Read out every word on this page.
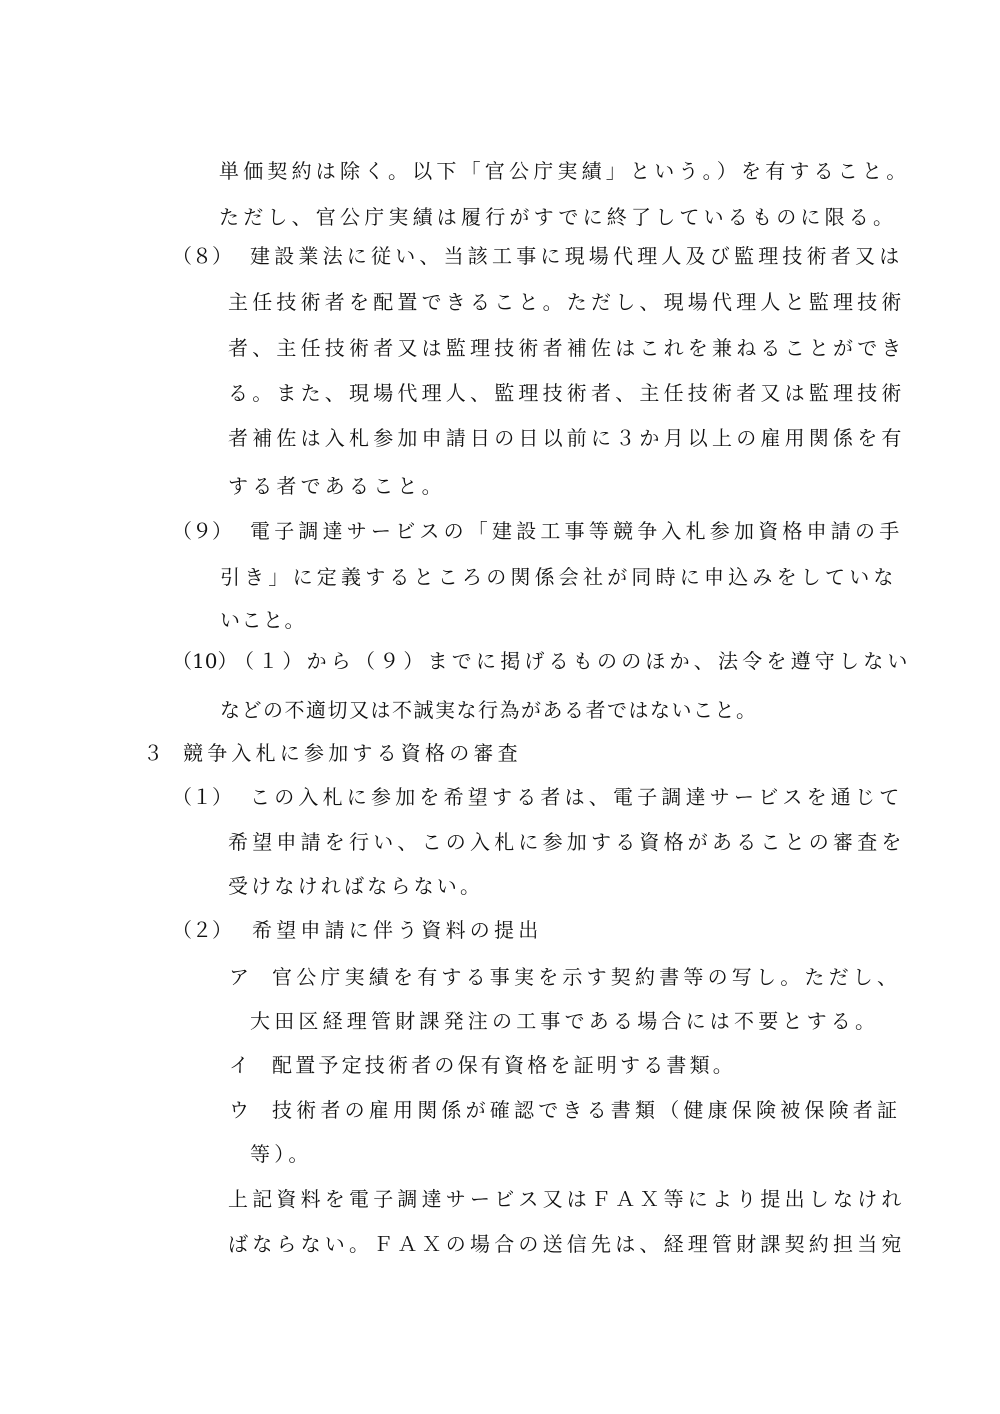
単価契約は除く。以下「官公庁実績」という。）を有すること。
ただし、官公庁実績は履行がすでに終了しているものに限る。
（８） 建設業法に従い、当該工事に現場代理人及び監理技術者又は
主任技術者を配置できること。ただし、現場代理人と監理技術
者、主任技術者又は監理技術者補佐はこれを兼ねることができ
る。また、現場代理人、監理技術者、主任技術者又は監理技術
者補佐は入札参加申請日の日以前に３か月以上の雇用関係を有
する者であること。
（９） 電子調達サービスの「建設工事等競争入札参加資格申請の手
引き」に定義するところの関係会社が同時に申込みをしていな
いこと。
（10）
（１）から（９）までに掲げるもののほか、法令を遵守しない
などの不適切又は不誠実な行為がある者ではないこと。
３ 競争入札に参加する資格の審査
（１） この入札に参加を希望する者は、電子調達サービスを通じて
希望申請を行い、この入札に参加する資格があることの審査を
受けなければならない。
（２） 希望申請に伴う資料の提出
ア 官公庁実績を有する事実を示す契約書等の写し。ただし、
大田区経理管財課発注の工事である場合には不要とする。
イ 配置予定技術者の保有資格を証明する書類。
ウ 技術者の雇用関係が確認できる書類（健康保険被保険者証
等）。
上記資料を電子調達サービス又はＦＡＸ等により提出しなけれ
ばならない。ＦＡＸの場合の送信先は、経理管財課契約担当宛
